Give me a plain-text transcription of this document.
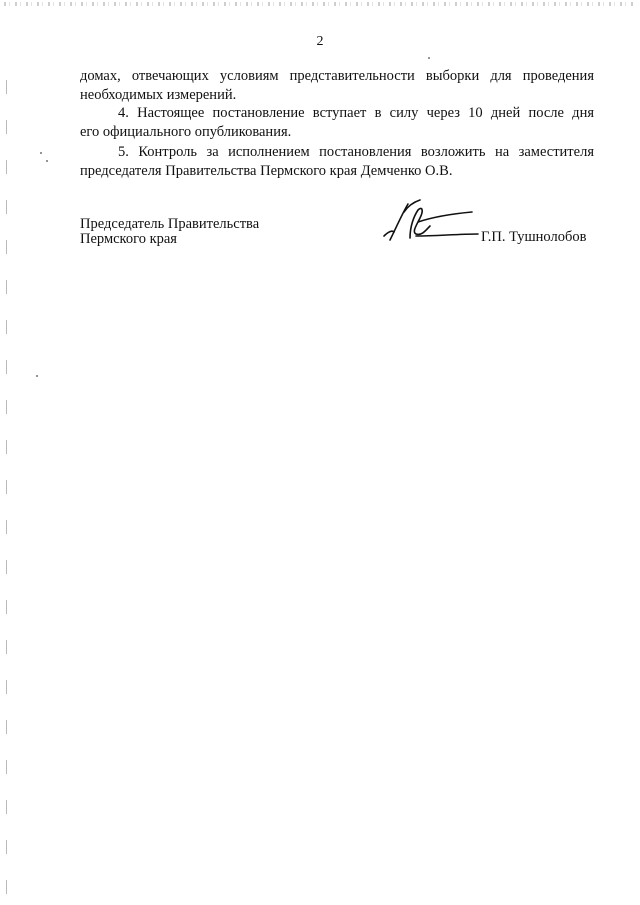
2
домах, отвечающих условиям представительности выборки для проведения
необходимых измерений.
4. Настоящее постановление вступает в силу через 10 дней после дня
его официального опубликования.
5. Контроль за исполнением постановления возложить на заместителя
председателя Правительства Пермского края Демченко О.В.
Председатель Правительства
Пермского края	Г.П. Тушнолобов
